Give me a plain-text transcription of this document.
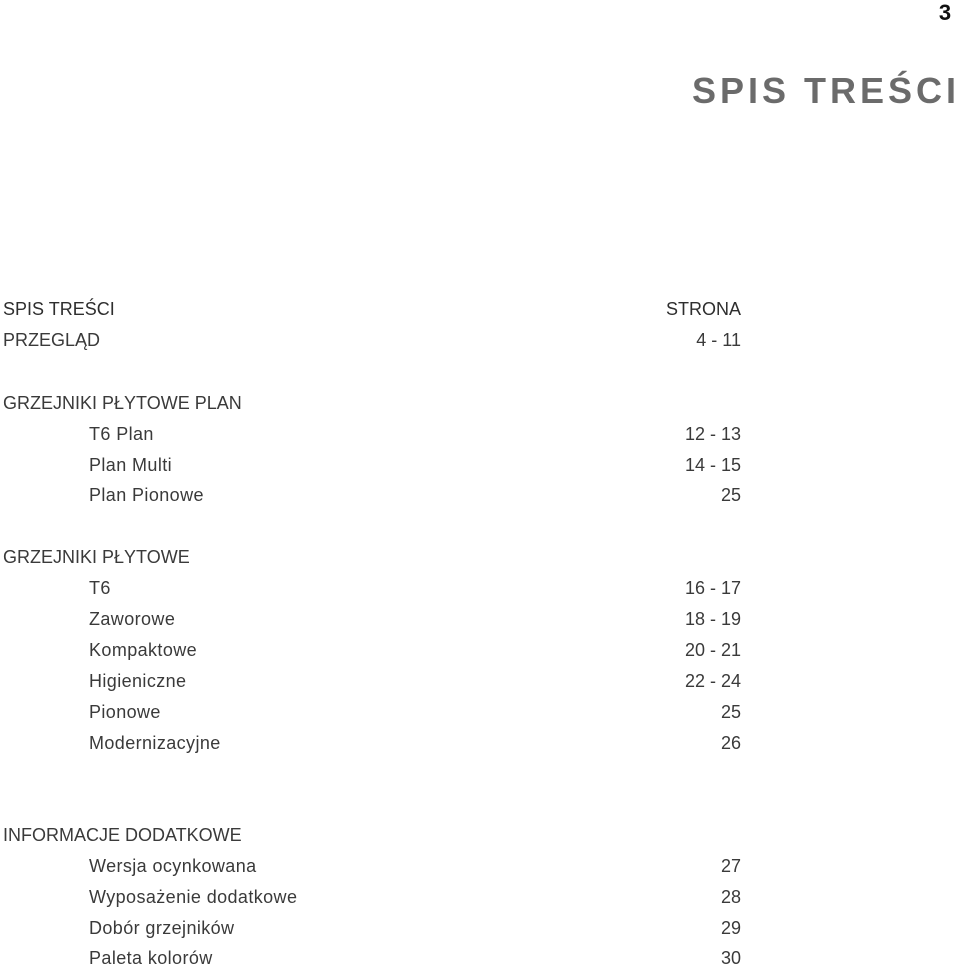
3
SPIS TREŚCI
SPIS TREŚCI	STRONA
PRZEGLĄD	4 - 11
GRZEJNIKI PŁYTOWE PLAN
T6 Plan	12 - 13
Plan Multi	14 - 15
Plan Pionowe	25
GRZEJNIKI PŁYTOWE
T6	16 - 17
Zaworowe	18 - 19
Kompaktowe	20 - 21
Higieniczne	22 - 24
Pionowe	25
Modernizacyjne	26
INFORMACJE DODATKOWE
Wersja ocynkowana	27
Wyposażenie dodatkowe	28
Dobór grzejników	29
Paleta kolorów	30
